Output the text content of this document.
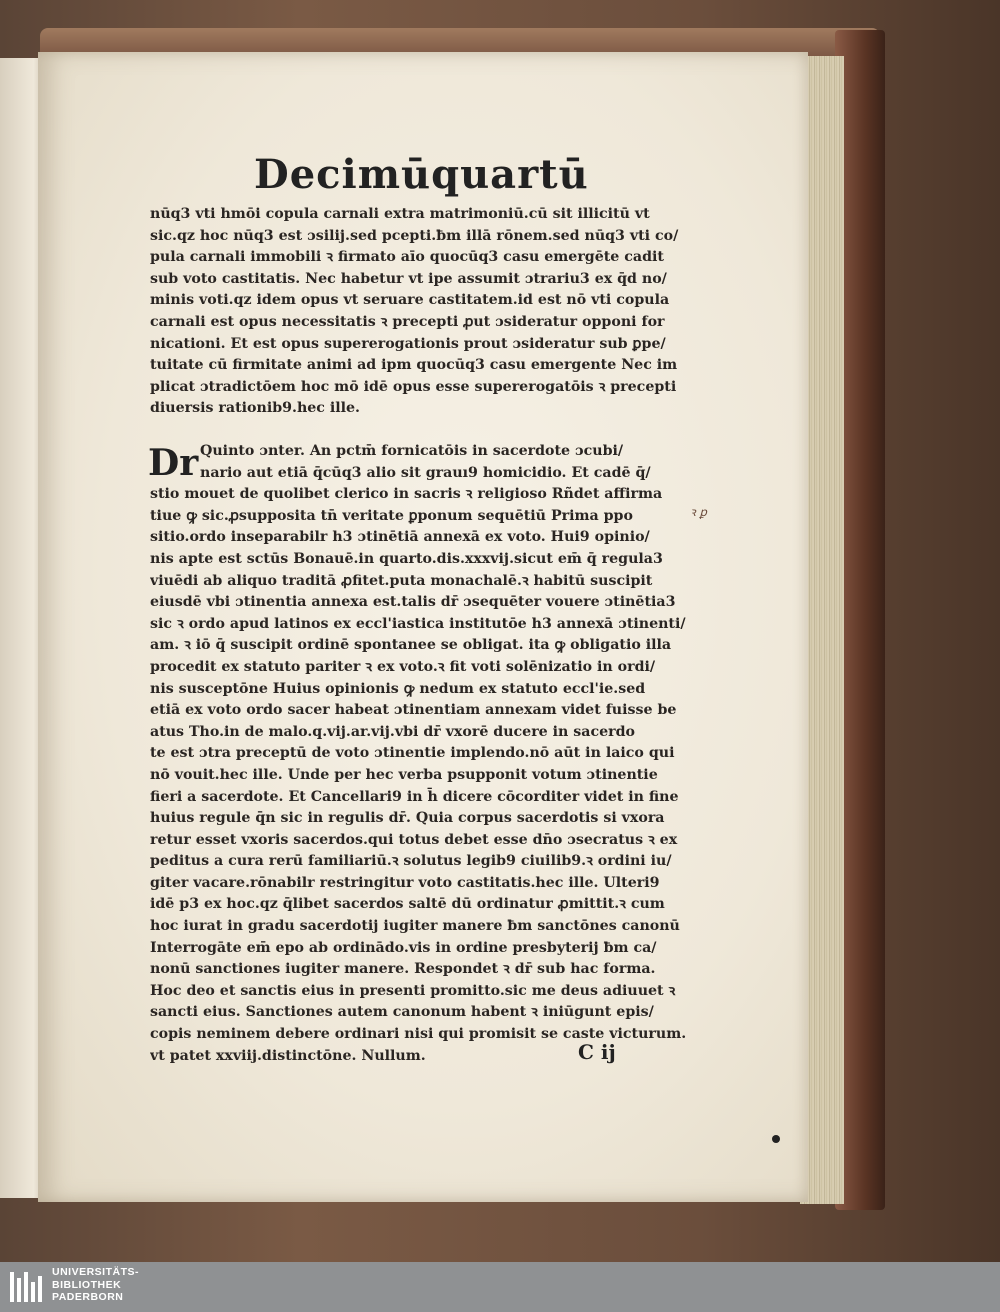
Decimūquartū
nūq3 vti hmōi copula carnali extra matrimoniū.cū sit illicitū vt
sic.qz hoc nūq3 est ɔsilij.sed pcepti.ƀm illā rōnem.sed nūq3 vti co/
pula carnali immobili ꝛ firmato aīo quocūq3 casu emergēte cadit
sub voto castitatis. Nec habetur vt ipe assumit ɔtrariu3 ex q̄d no/
minis voti.qz idem opus vt seruare castitatem.id est nō vti copula
carnali est opus necessitatis ꝛ precepti ꝓut ɔsideratur opponi for
nicationi. Et est opus supererogationis prout ɔsideratur sub ꝑpe/
tuitate cū firmitate animi ad ipm quocūq3 casu emergente Nec im
plicat ɔtradictōem hoc mō idē opus esse supererogatōis ꝛ precepti
diuersis rationib9.hec ille.
Dr Quinto ɔnter. An pctm̄ fornicatōis in sacerdote ɔcubi/
nario aut etiā q̄cūq3 alio sit grauı9 homicidio. Et cadē q̄/
stio mouet de quolibet clerico in sacris ꝛ religioso Rñdet affirma
tiue ꝙ sic.ꝓsupposita tn̄ veritate ꝑponum sequētiū Prima ppo
sitio.ordo inseparabilr h3 ɔtinētiā annexā ex voto. Hui9 opinio/
nis apte est sctūs Bonauē.in quarto.dis.xxxvij.sicut em̄ q̄ regula3
viuēdi ab aliquo traditā ꝓfitet.puta monachalē.ꝛ habitū suscipit
eiusdē vbi ɔtinentia annexa est.talis dr̄ ɔsequēter vouere ɔtinētia3
sic ꝛ ordo apud latinos ex eccl'iastica institutōe h3 annexā ɔtinenti/
am. ꝛ iō q̄ suscipit ordinē spontanee se obligat. ita ꝙ obligatio illa
procedit ex statuto pariter ꝛ ex voto.ꝛ fit voti solēnizatio in ordi/
nis susceptōne Huius opinionis ꝙ nedum ex statuto eccl'ie.sed
etiā ex voto ordo sacer habeat ɔtinentiam annexam videt fuisse be
atus Tho.in de malo.q.vij.ar.vij.vbi dr̄ vxorē ducere in sacerdo
te est ɔtra preceptū de voto ɔtinentie implendo.nō aūt in laico qui
nō vouit.hec ille. Unde per hec verba psupponit votum ɔtinentie
fieri a sacerdote. Et Cancellari9 in h̄ dicere cōcorditer videt in fine
huius regule q̄n sic in regulis dr̄. Quia corpus sacerdotis si vxora
retur esset vxoris sacerdos.qui totus debet esse dn̄o ɔsecratus ꝛ ex
peditus a cura rerū familiariū.ꝛ solutus legib9 ciuilib9.ꝛ ordini iu/
giter vacare.rōnabilr restringitur voto castitatis.hec ille. Ulteri9
idē p3 ex hoc.qz q̄libet sacerdos saltē dū ordinatur ꝓmittit.ꝛ cum
hoc iurat in gradu sacerdotij iugiter manere ƀm sanctōnes canonū
Interrogāte em̄ epo ab ordinādo.vis in ordine presbyterij ƀm ca/
nonū sanctiones iugiter manere. Respondet ꝛ dr̄ sub hac forma.
Hoc deo et sanctis eius in presenti promitto.sic me deus adiuuet ꝛ
sancti eius. Sanctiones autem canonum habent ꝛ iniūgunt epis/
copis neminem debere ordinari nisi qui promisit se caste victurum.
vt patet xxviij.distinctōne. Nullum.
ꝛ ꝑ
C ij
UNIVERSITÄTS-
BIBLIOTHEK
PADERBORN
